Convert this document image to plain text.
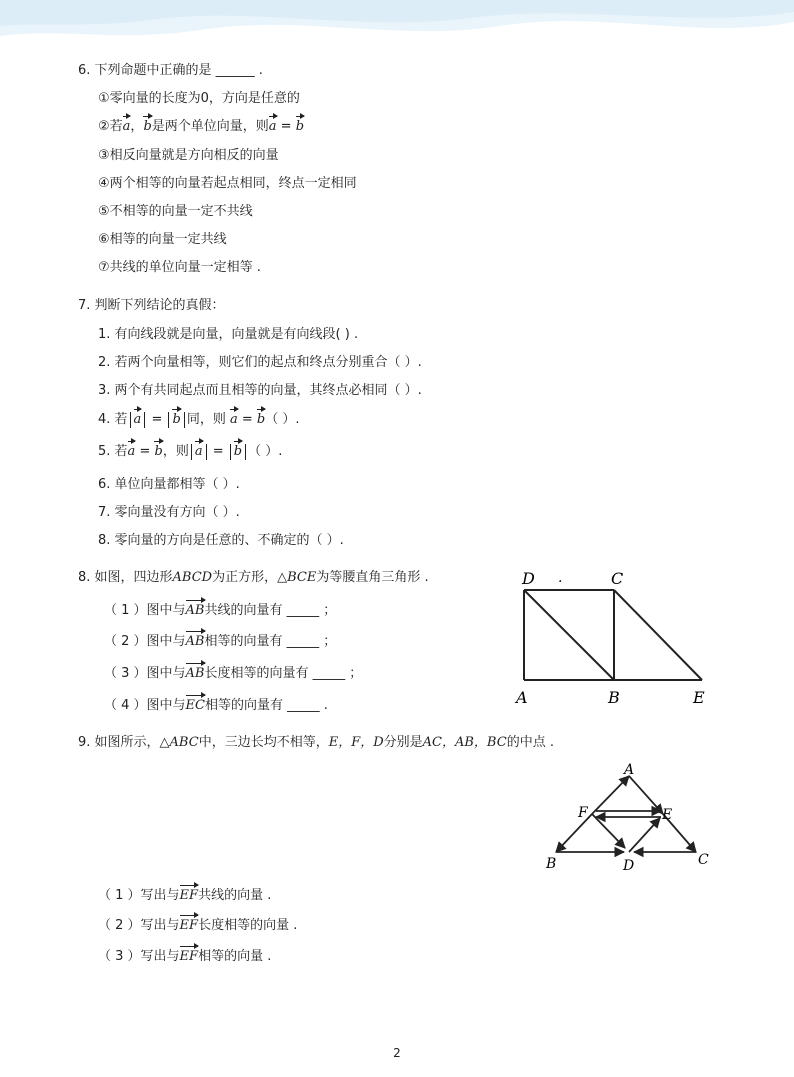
6. 下列命题中正确的是 ______ .
①零向量的长度为0，方向是任意的
②若a，b是两个单位向量，则a = b
③相反向量就是方向相反的向量
④两个相等的向量若起点相同，终点一定相同
⑤不相等的向量一定不共线
⑥相等的向量一定共线
⑦共线的单位向量一定相等 .
7. 判断下列结论的真假：
1. 有向线段就是向量，向量就是有向线段( ) .
2. 若两个向量相等，则它们的起点和终点分别重合（ ）.
3. 两个有共同起点而且相等的向量，其终点必相同（ ）.
4. 若 a = b 同，则 a = b（ ）.
5. 若a = b，则 a = b （ ）.
6. 单位向量都相等（ ）.
7. 零向量没有方向（ ）.
8. 零向量的方向是任意的、不确定的（ ）.
8. 如图，四边形ABCD为正方形，△BCE为等腰直角三角形 .
（ 1 ）图中与AB共线的向量有 _____ ；
（ 2 ）图中与AB相等的向量有 _____ ；
（ 3 ）图中与AB长度相等的向量有 _____ ；
（ 4 ）图中与EC相等的向量有 _____ .
D .	C
A	B	E
9. 如图所示，△ABC中，三边长均不相等，E，F，D分别是AC，AB，BC的中点 .
A
F	E
B	D	C
（ 1 ）写出与EF共线的向量 .
（ 2 ）写出与EF长度相等的向量 .
（ 3 ）写出与EF相等的向量 .
2
